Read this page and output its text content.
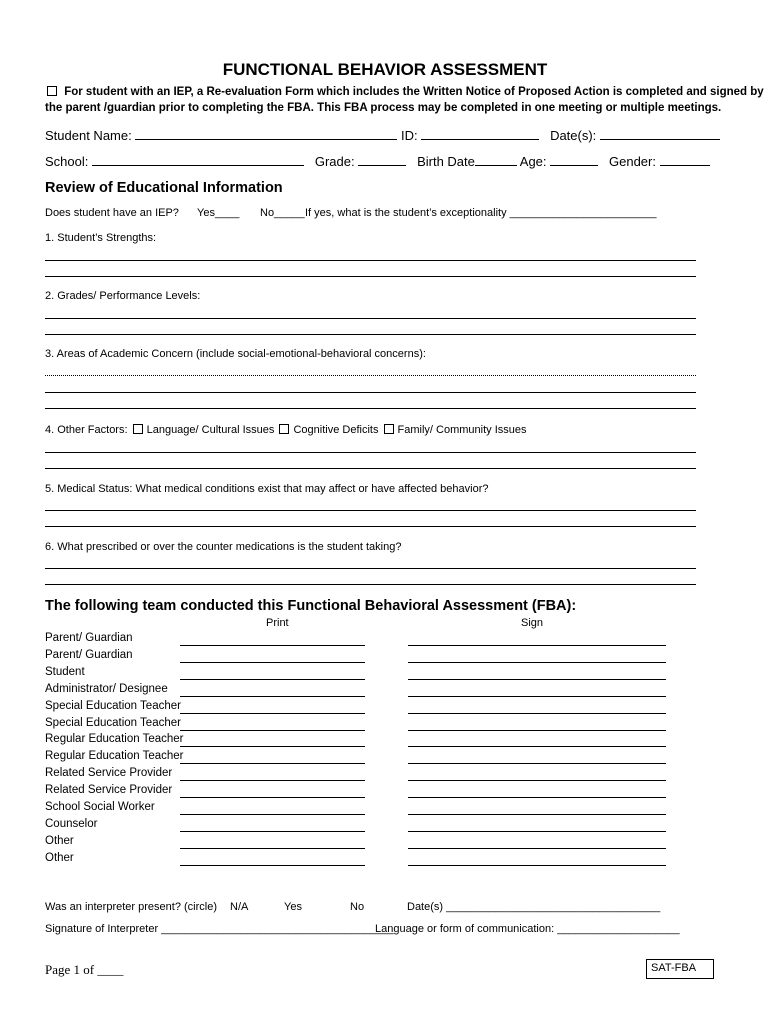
FUNCTIONAL BEHAVIOR ASSESSMENT
For student with an IEP, a Re-evaluation Form which includes the Written Notice of Proposed Action is completed and signed by
the parent /guardian prior to completing the FBA. This FBA process may be completed in one meeting or multiple meetings.
Student Name:	ID:	Date(s):
School:	Grade:	Birth Date	Age:	Gender:
Review of Educational Information
Does student have an IEP? Yes____ No_____ If yes, what is the student’s exceptionality ________________________
1. Student’s Strengths:
2. Grades/ Performance Levels:
3. Areas of Academic Concern (include social-emotional-behavioral concerns):
4. Other Factors: Language/ Cultural Issues Cognitive Deficits Family/ Community Issues
5. Medical Status: What medical conditions exist that may affect or have affected behavior?
6. What prescribed or over the counter medications is the student taking?
The following team conducted this Functional Behavioral Assessment (FBA):
Print	Sign
Parent/ Guardian
Parent/ Guardian
Student
Administrator/ Designee
Special Education Teacher
Special Education Teacher
Regular Education Teacher
Regular Education Teacher
Related Service Provider
Related Service Provider
School Social Worker
Counselor
Other
Other
Was an interpreter present? (circle) N/A	Yes	No	Date(s) ___________________________________
Signature of Interpreter ______________________________________
Language or form of communication: ____________________
Page 1 of ____	SAT-FBA
